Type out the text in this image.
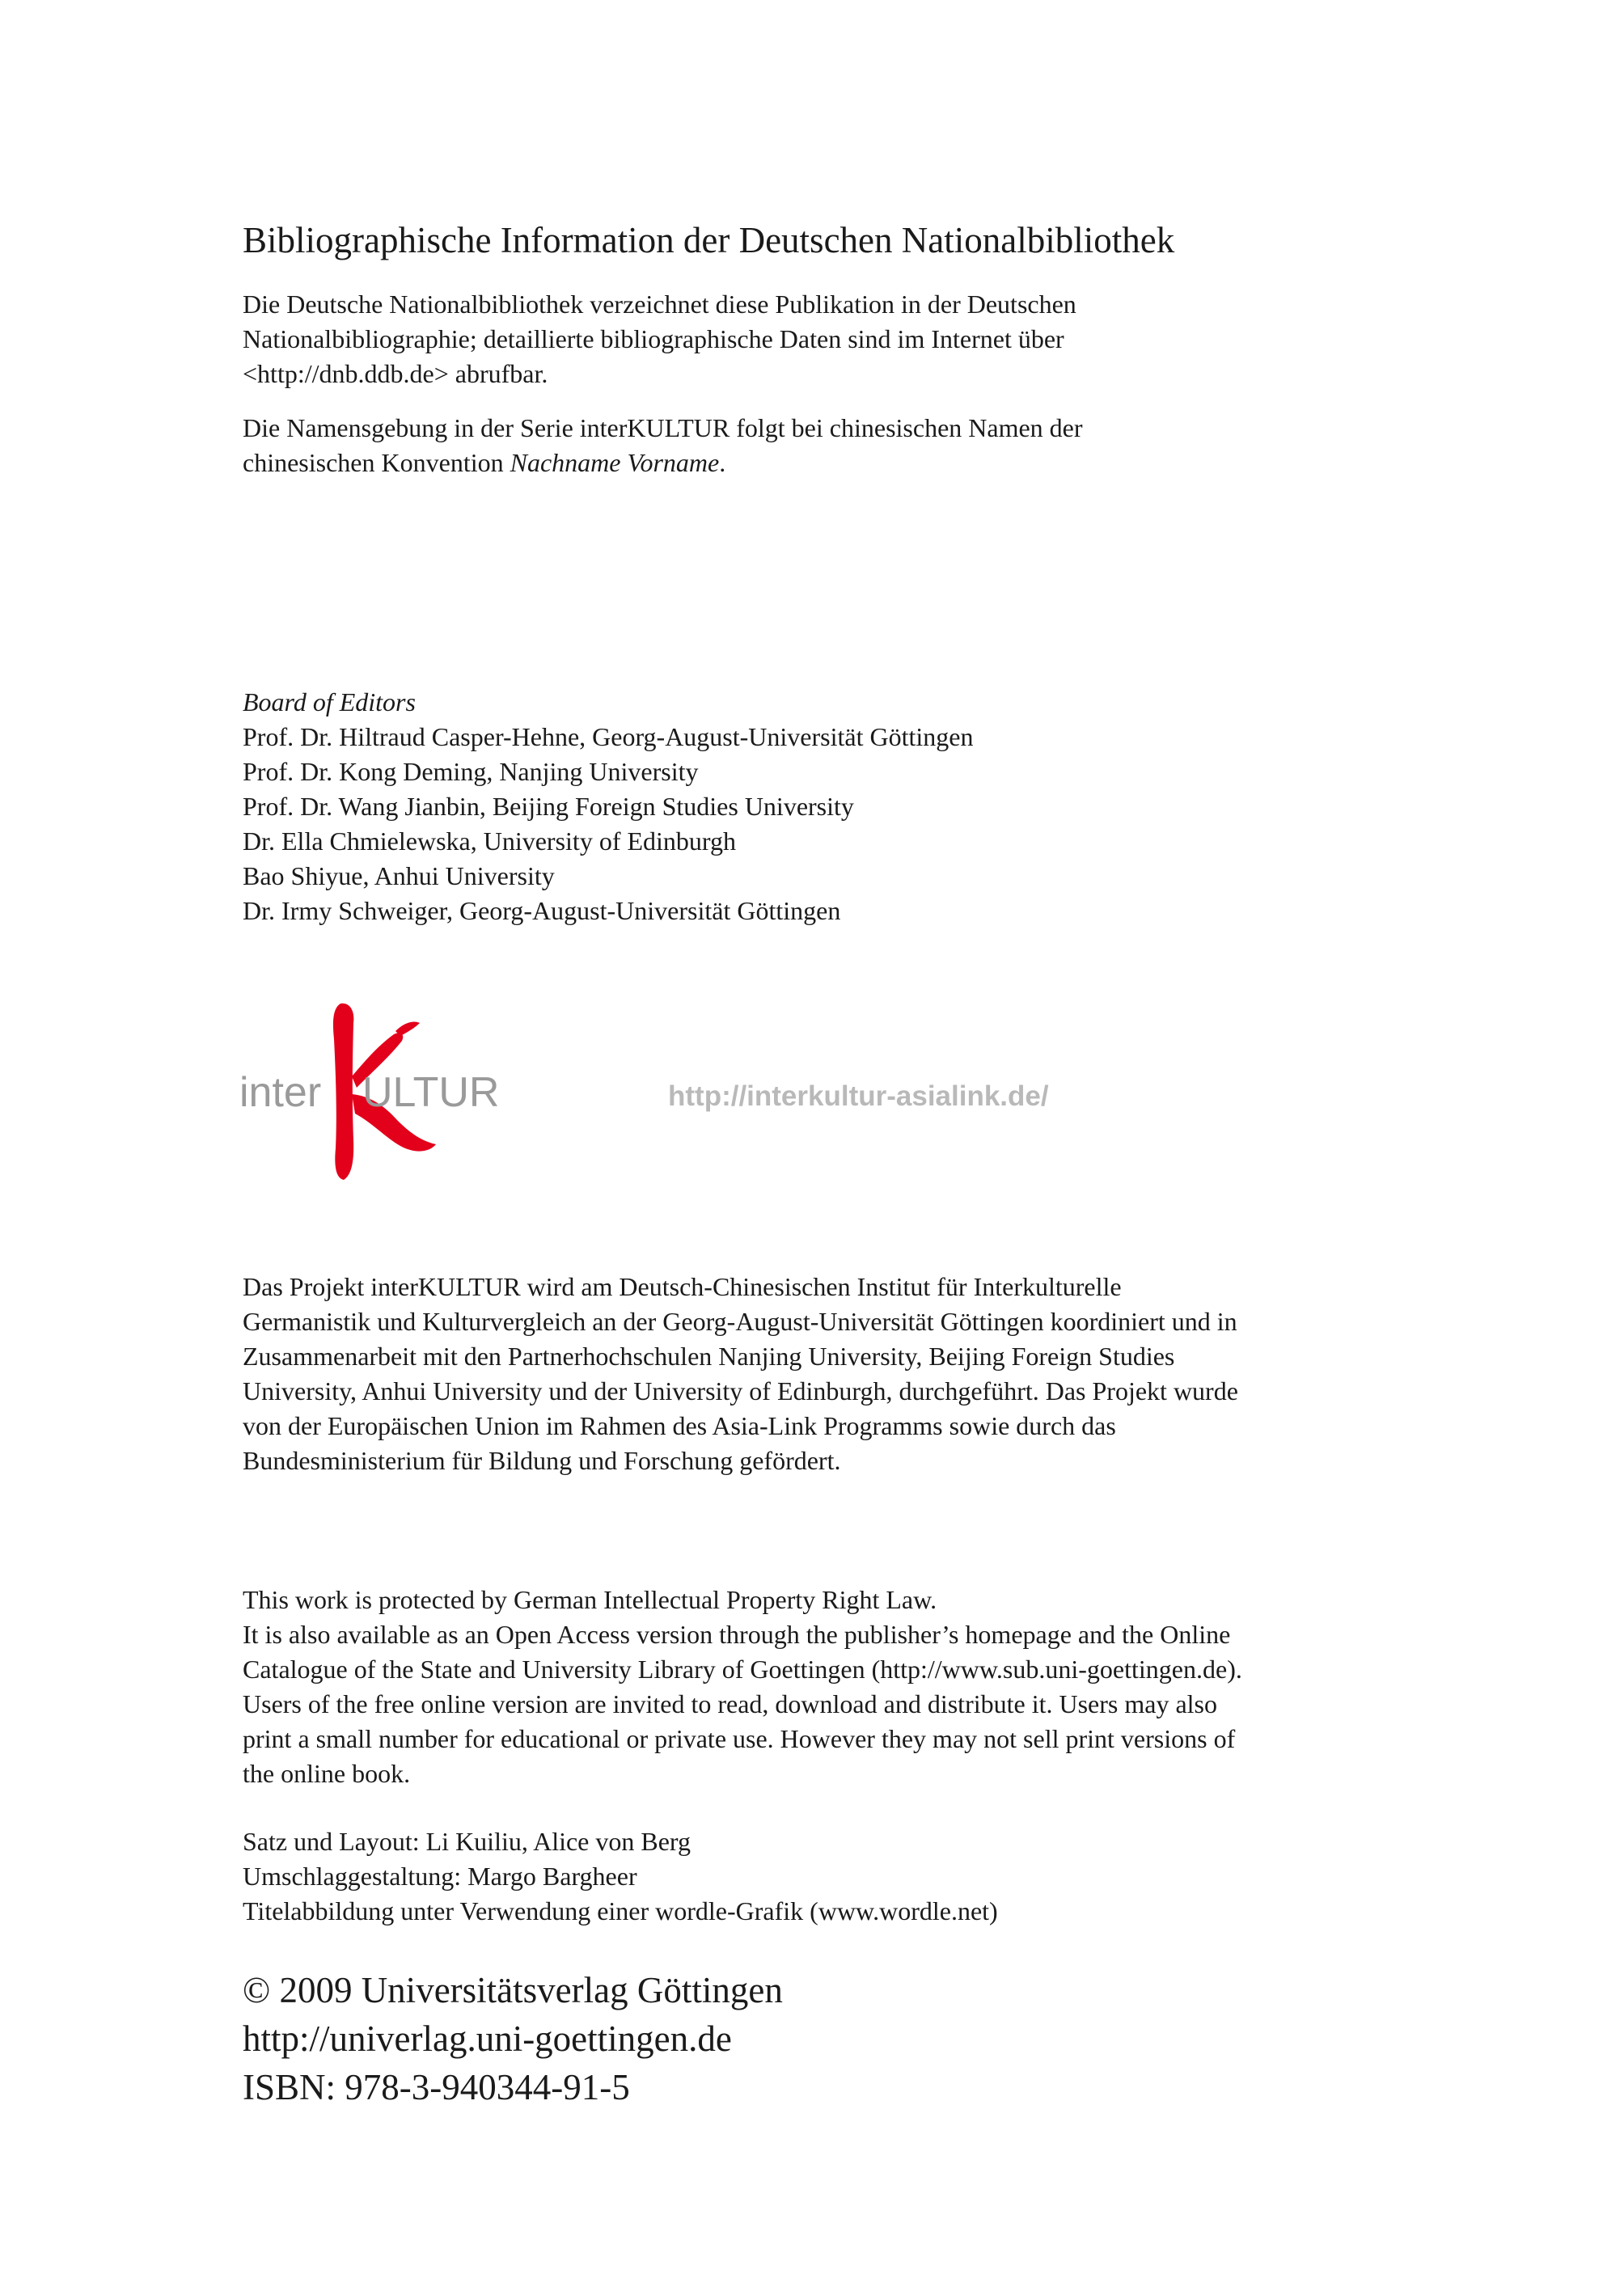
Bibliographische Information der Deutschen Nationalbibliothek

Die Deutsche Nationalbibliothek verzeichnet diese Publikation in der Deutschen
Nationalbibliographie; detaillierte bibliographische Daten sind im Internet über
<http://dnb.ddb.de> abrufbar.

Die Namensgebung in der Serie interKULTUR folgt bei chinesischen Namen der
chinesischen Konvention Nachname Vorname.

Board of Editors
Prof. Dr. Hiltraud Casper-Hehne, Georg-August-Universität Göttingen
Prof. Dr. Kong Deming, Nanjing University
Prof. Dr. Wang Jianbin, Beijing Foreign Studies University
Dr. Ella Chmielewska, University of Edinburgh
Bao Shiyue, Anhui University
Dr. Irmy Schweiger, Georg-August-Universität Göttingen

Das Projekt interKULTUR wird am Deutsch-Chinesischen Institut für Interkulturelle
Germanistik und Kulturvergleich an der Georg-August-Universität Göttingen koordiniert und in
Zusammenarbeit mit den Partnerhochschulen Nanjing University, Beijing Foreign Studies
University, Anhui University und der University of Edinburgh, durchgeführt. Das Projekt wurde
von der Europäischen Union im Rahmen des Asia-Link Programms sowie durch das
Bundesministerium für Bildung und Forschung gefördert.

This work is protected by German Intellectual Property Right Law.
It is also available as an Open Access version through the publisher’s homepage and the Online
Catalogue of the State and University Library of Goettingen (http://www.sub.uni-goettingen.de).
Users of the free online version are invited to read, download and distribute it. Users may also
print a small number for educational or private use. However they may not sell print versions of
the online book.

Satz und Layout: Li Kuiliu, Alice von Berg
Umschlaggestaltung: Margo Bargheer
Titelabbildung unter Verwendung einer wordle-Grafik (www.wordle.net)

© 2009 Universitätsverlag Göttingen
http://univerlag.uni-goettingen.de
ISBN: 978-3-940344-91-5

inter ULTUR	http://interkultur-asialink.de/
